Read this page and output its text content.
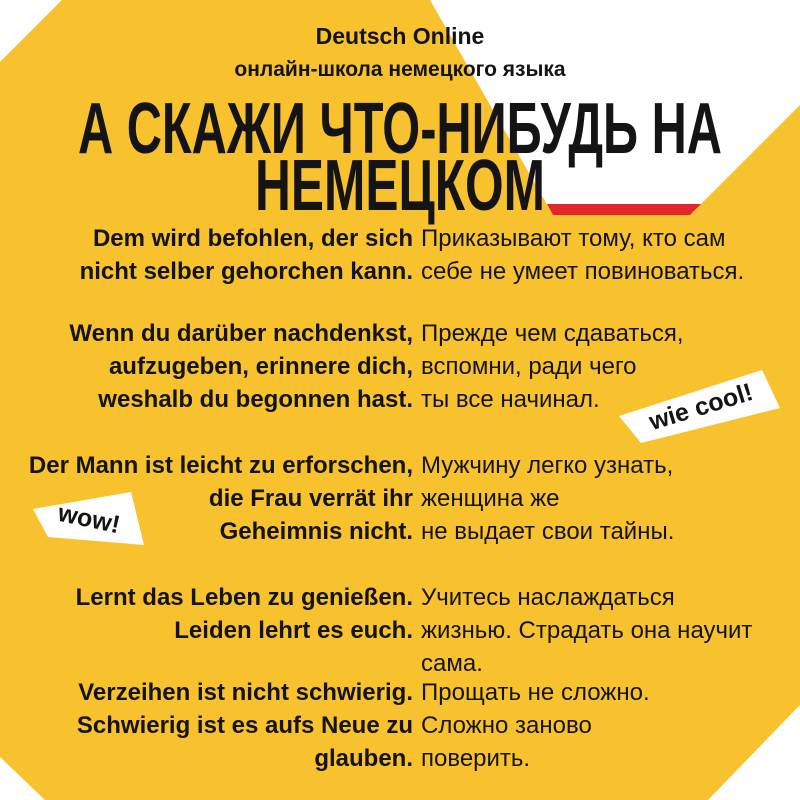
А СКАЖИ ЧТО-НИБУДЬ НА
НЕМЕЦКОМ
Deutsch Online
онлайн-школа немецкого языка
Dem wird befohlen, der sich
nicht selber gehorchen kann.
Приказывают тому, кто сам
себе не умеет повиноваться.
Wenn du darüber nachdenkst,
aufzugeben, erinnere dich,
weshalb du begonnen hast.
Прежде чем сдаваться,
вспомни, ради чего
ты все начинал.
Der Mann ist leicht zu erforschen,
die Frau verrät ihr
Geheimnis nicht.
Мужчину легко узнать,
женщина же
не выдает свои тайны.
Lernt das Leben zu genießen.
Leiden lehrt es euch.
Учитесь наслаждаться
жизнью. Страдать она научит
сама.
Verzeihen ist nicht schwierig.
Schwierig ist es aufs Neue zu
glauben.
Прощать не сложно.
Сложно заново
поверить.
wie cool!
wow!
